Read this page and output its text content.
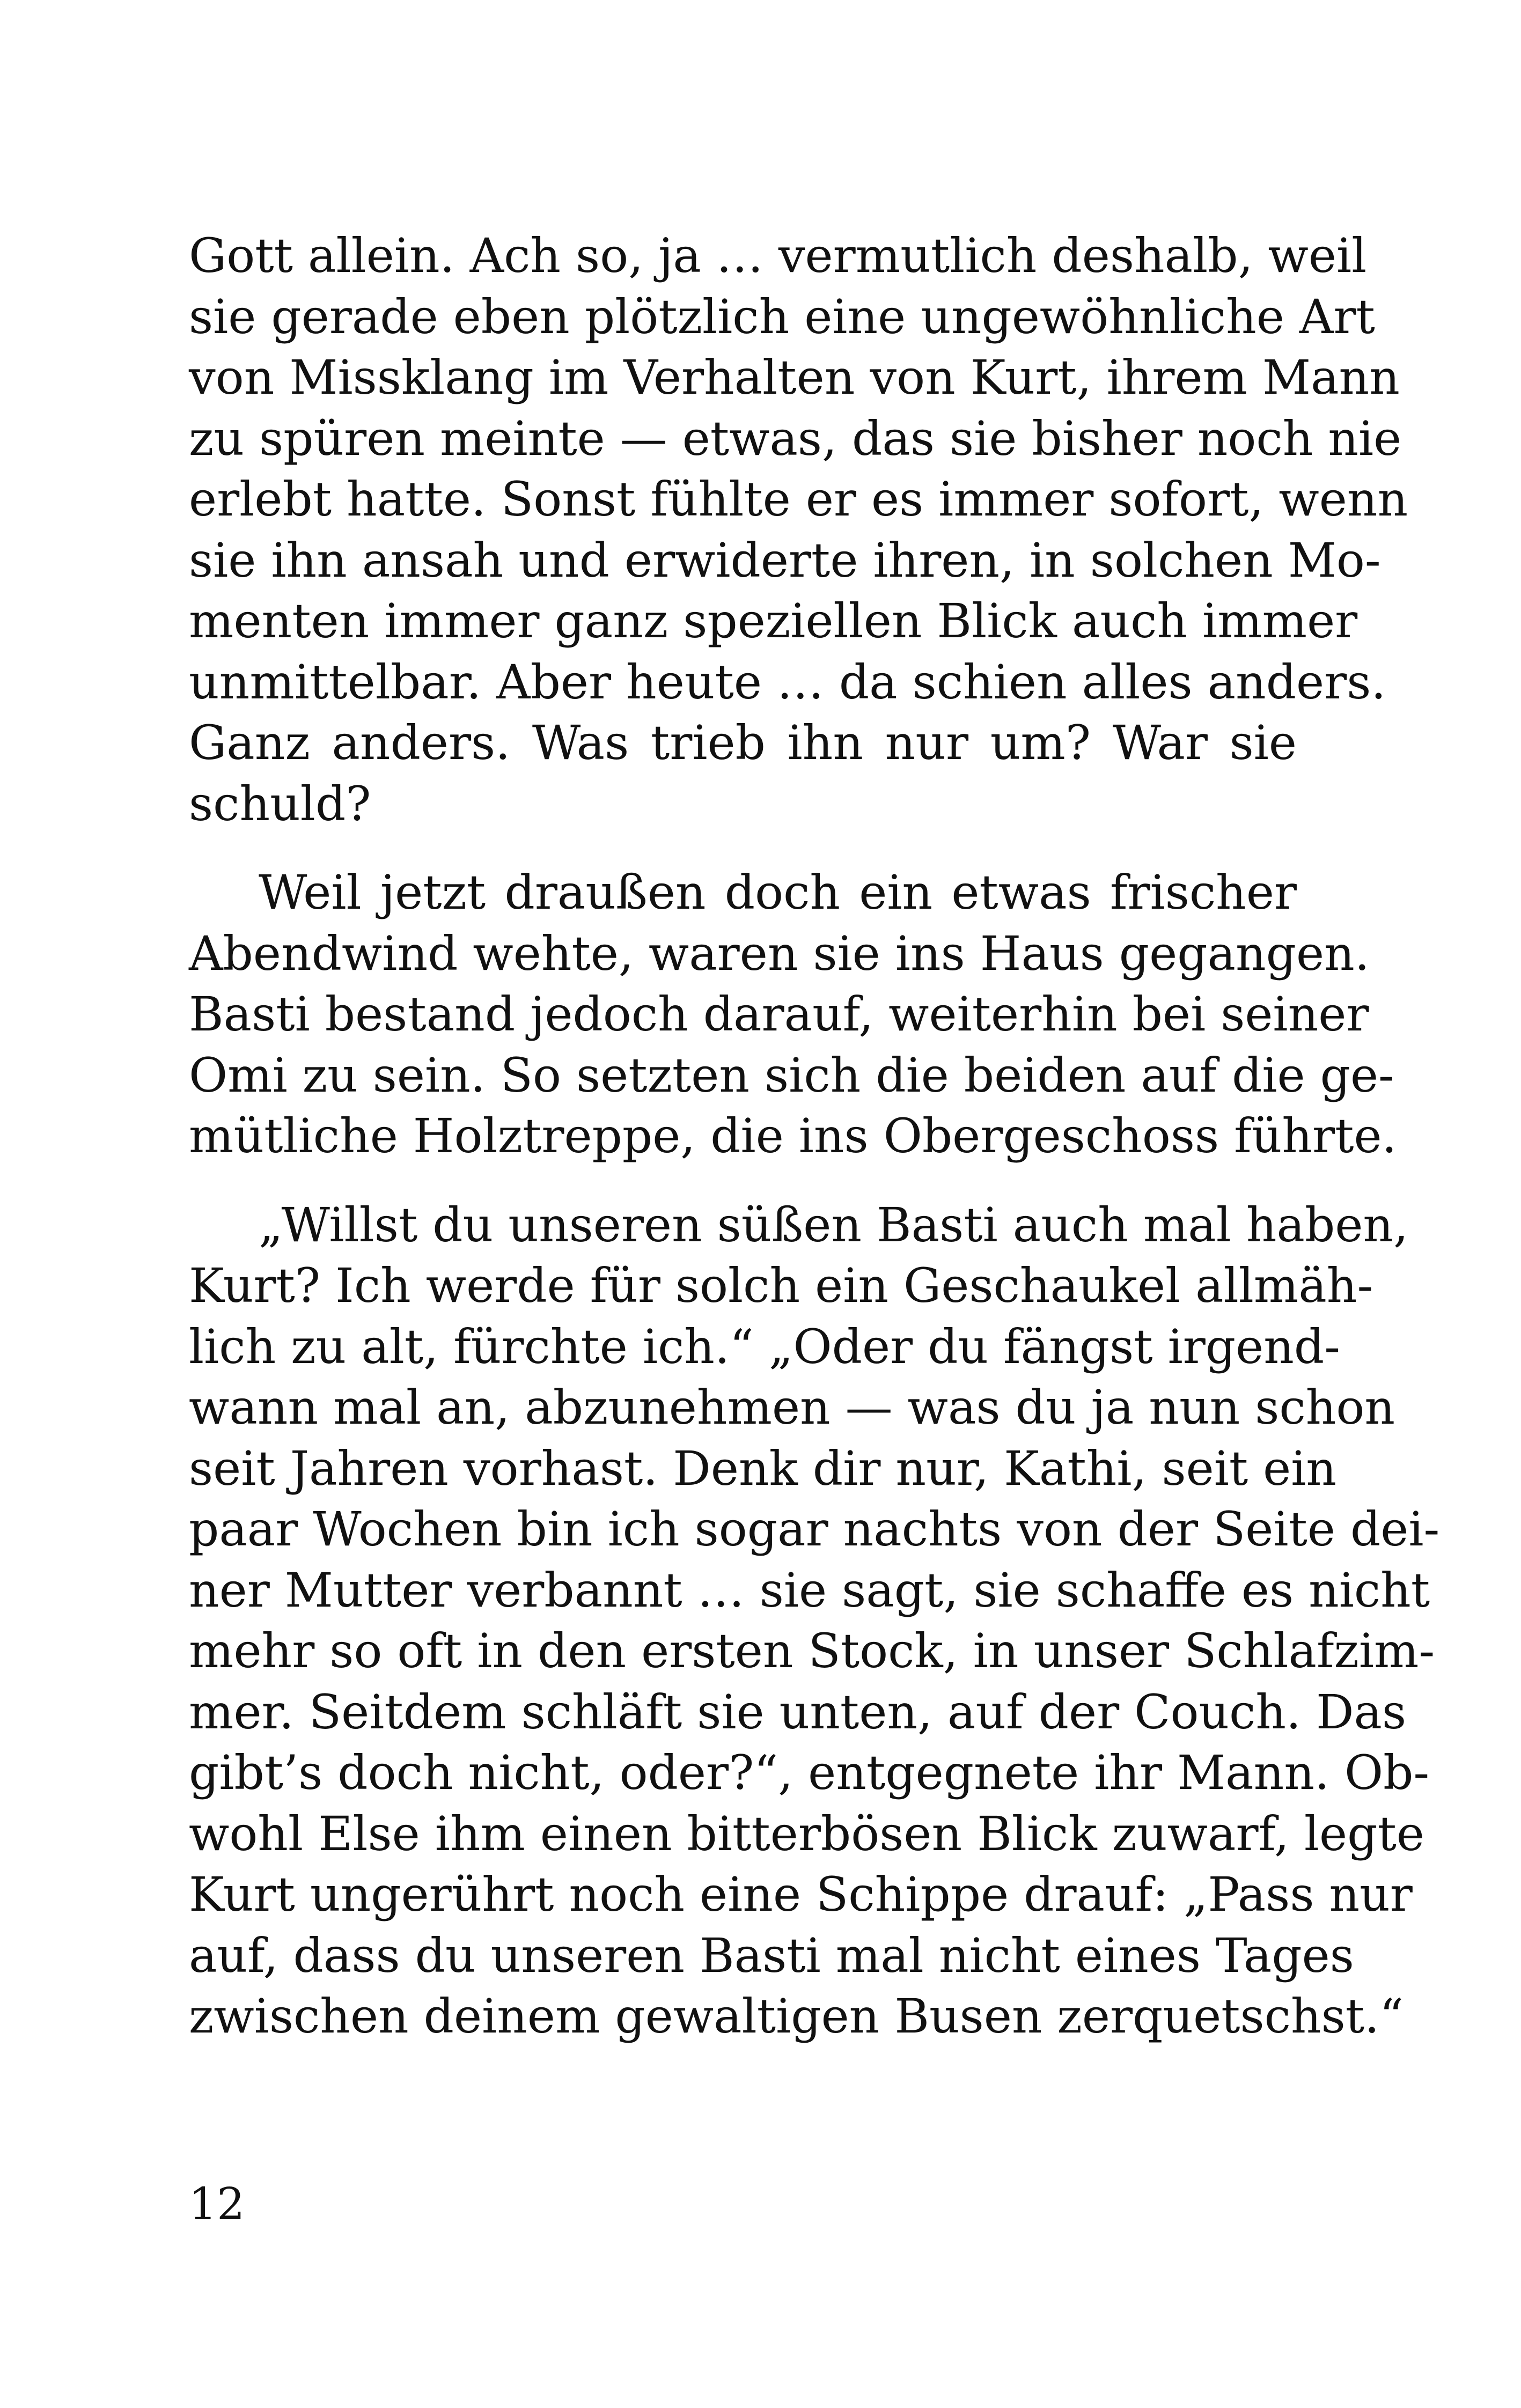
Gott allein. Ach so, ja … vermutlich deshalb, weil
sie gerade eben plötzlich eine ungewöhnliche Art
von Missklang im Verhalten von Kurt, ihrem Mann
zu spüren meinte — etwas, das sie bisher noch nie
erlebt hatte. Sonst fühlte er es immer sofort, wenn
sie ihn ansah und erwiderte ihren, in solchen Mo-
menten immer ganz speziellen Blick auch immer
unmittelbar. Aber heute … da schien alles anders.
Ganz anders. Was trieb ihn nur um? War sie
schuld?
Weil jetzt draußen doch ein etwas frischer
Abendwind wehte, waren sie ins Haus gegangen.
Basti bestand jedoch darauf, weiterhin bei seiner
Omi zu sein. So setzten sich die beiden auf die ge-
mütliche Holztreppe, die ins Obergeschoss führte.
„Willst du unseren süßen Basti auch mal haben,
Kurt? Ich werde für solch ein Geschaukel allmäh-
lich zu alt, fürchte ich.“ „Oder du fängst irgend-
wann mal an, abzunehmen — was du ja nun schon
seit Jahren vorhast. Denk dir nur, Kathi, seit ein
paar Wochen bin ich sogar nachts von der Seite dei-
ner Mutter verbannt … sie sagt, sie schaffe es nicht
mehr so oft in den ersten Stock, in unser Schlafzim-
mer. Seitdem schläft sie unten, auf der Couch. Das
gibt’s doch nicht, oder?“, entgegnete ihr Mann. Ob-
wohl Else ihm einen bitterbösen Blick zuwarf, legte
Kurt ungerührt noch eine Schippe drauf: „Pass nur
auf, dass du unseren Basti mal nicht eines Tages
zwischen deinem gewaltigen Busen zerquetschst.“
12
